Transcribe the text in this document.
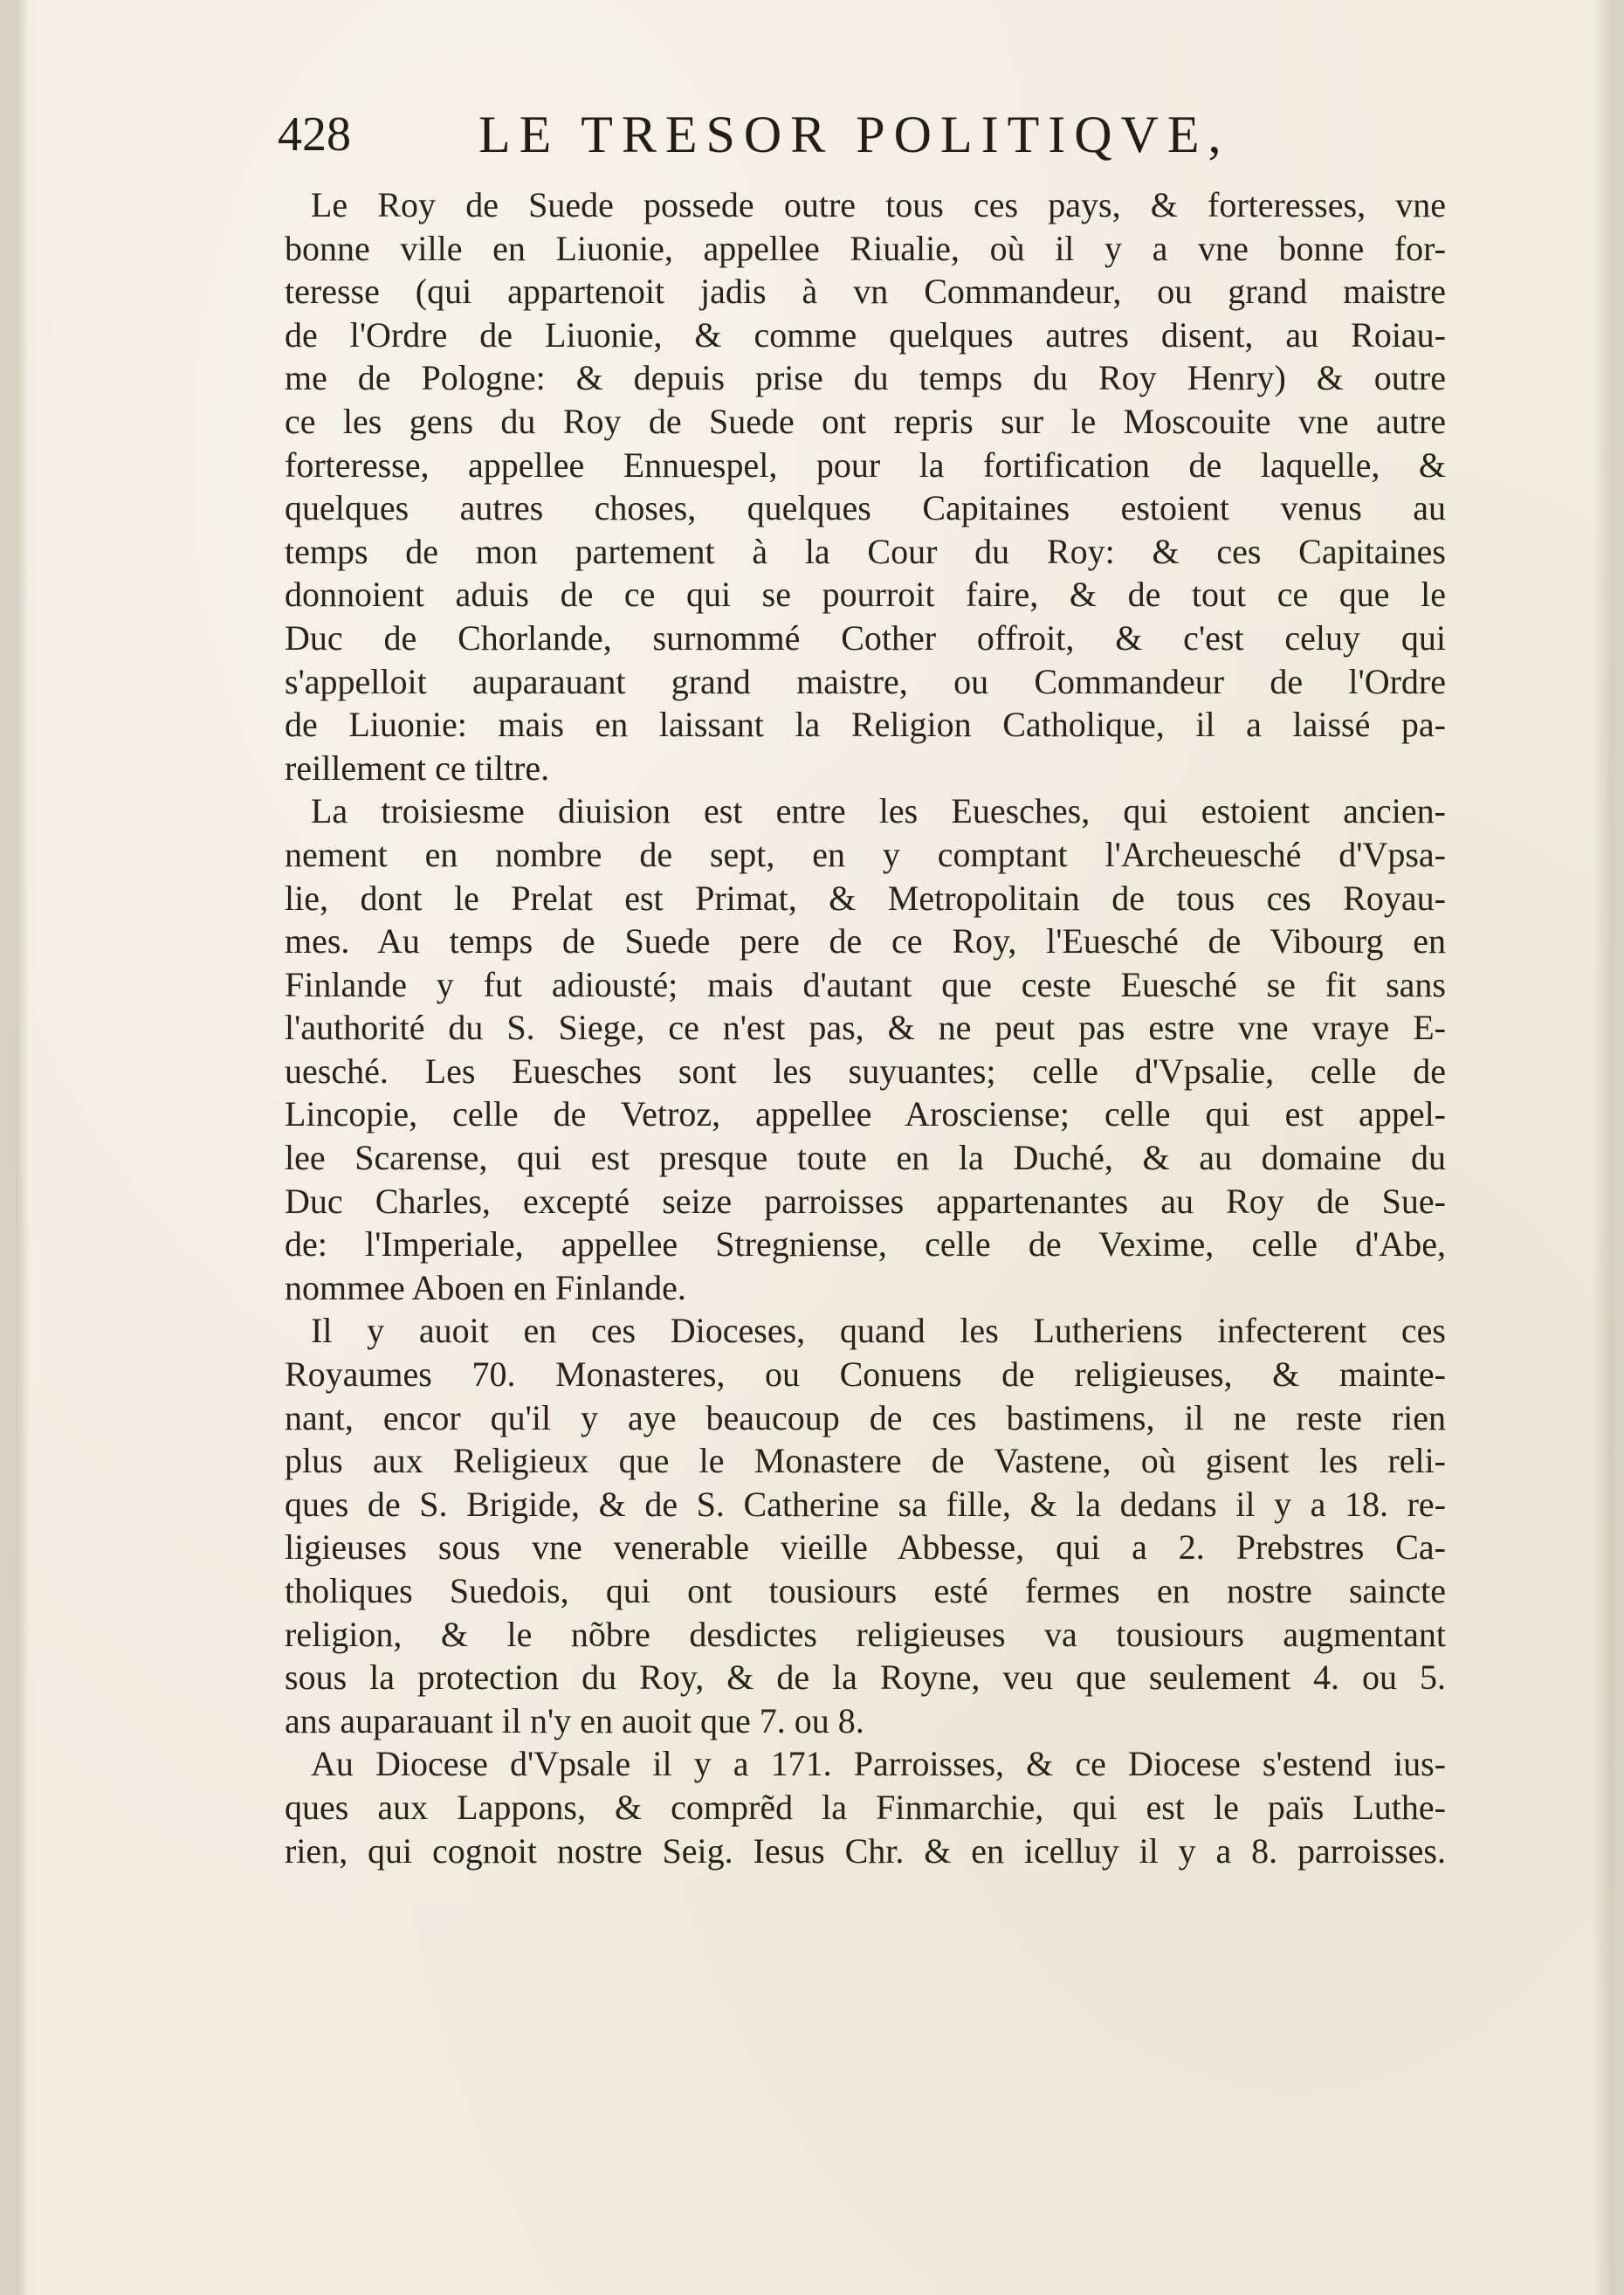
428 LE TRESOR POLITIQVE,
Le Roy de Suede possede outre tous ces pays, & forteresses, vne
bonne ville en Liuonie, appellee Riualie, où il y a vne bonne for-
teresse (qui appartenoit jadis à vn Commandeur, ou grand maistre
de l'Ordre de Liuonie, & comme quelques autres disent, au Roiau-
me de Pologne: & depuis prise du temps du Roy Henry) & outre
ce les gens du Roy de Suede ont repris sur le Moscouite vne autre
forteresse, appellee Ennuespel, pour la fortification de laquelle, &
quelques autres choses, quelques Capitaines estoient venus au
temps de mon partement à la Cour du Roy: & ces Capitaines
donnoient aduis de ce qui se pourroit faire, & de tout ce que le
Duc de Chorlande, surnommé Cother offroit, & c'est celuy qui
s'appelloit auparauant grand maistre, ou Commandeur de l'Ordre
de Liuonie: mais en laissant la Religion Catholique, il a laissé pa-
reillement ce tiltre.
La troisiesme diuision est entre les Euesches, qui estoient ancien-
nement en nombre de sept, en y comptant l'Archeuesché d'Vpsa-
lie, dont le Prelat est Primat, & Metropolitain de tous ces Royau-
mes. Au temps de Suede pere de ce Roy, l'Euesché de Vibourg en
Finlande y fut adiousté; mais d'autant que ceste Euesché se fit sans
l'authorité du S. Siege, ce n'est pas, & ne peut pas estre vne vraye E-
uesché. Les Euesches sont les suyuantes; celle d'Vpsalie, celle de
Lincopie, celle de Vetroz, appellee Arosciense; celle qui est appel-
lee Scarense, qui est presque toute en la Duché, & au domaine du
Duc Charles, excepté seize parroisses appartenantes au Roy de Sue-
de: l'Imperiale, appellee Stregniense, celle de Vexime, celle d'Abe,
nommee Aboen en Finlande.
Il y auoit en ces Dioceses, quand les Lutheriens infecterent ces
Royaumes 70. Monasteres, ou Conuens de religieuses, & mainte-
nant, encor qu'il y aye beaucoup de ces bastimens, il ne reste rien
plus aux Religieux que le Monastere de Vastene, où gisent les reli-
ques de S. Brigide, & de S. Catherine sa fille, & la dedans il y a 18. re-
ligieuses sous vne venerable vieille Abbesse, qui a 2. Prebstres Ca-
tholiques Suedois, qui ont tousiours esté fermes en nostre saincte
religion, & le nõbre desdictes religieuses va tousiours augmentant
sous la protection du Roy, & de la Royne, veu que seulement 4. ou 5.
ans auparauant il n'y en auoit que 7. ou 8.
Au Diocese d'Vpsale il y a 171. Parroisses, & ce Diocese s'estend ius-
ques aux Lappons, & comprẽd la Finmarchie, qui est le païs Luthe-
rien, qui cognoit nostre Seig. Iesus Chr. & en icelluy il y a 8. parroisses.
